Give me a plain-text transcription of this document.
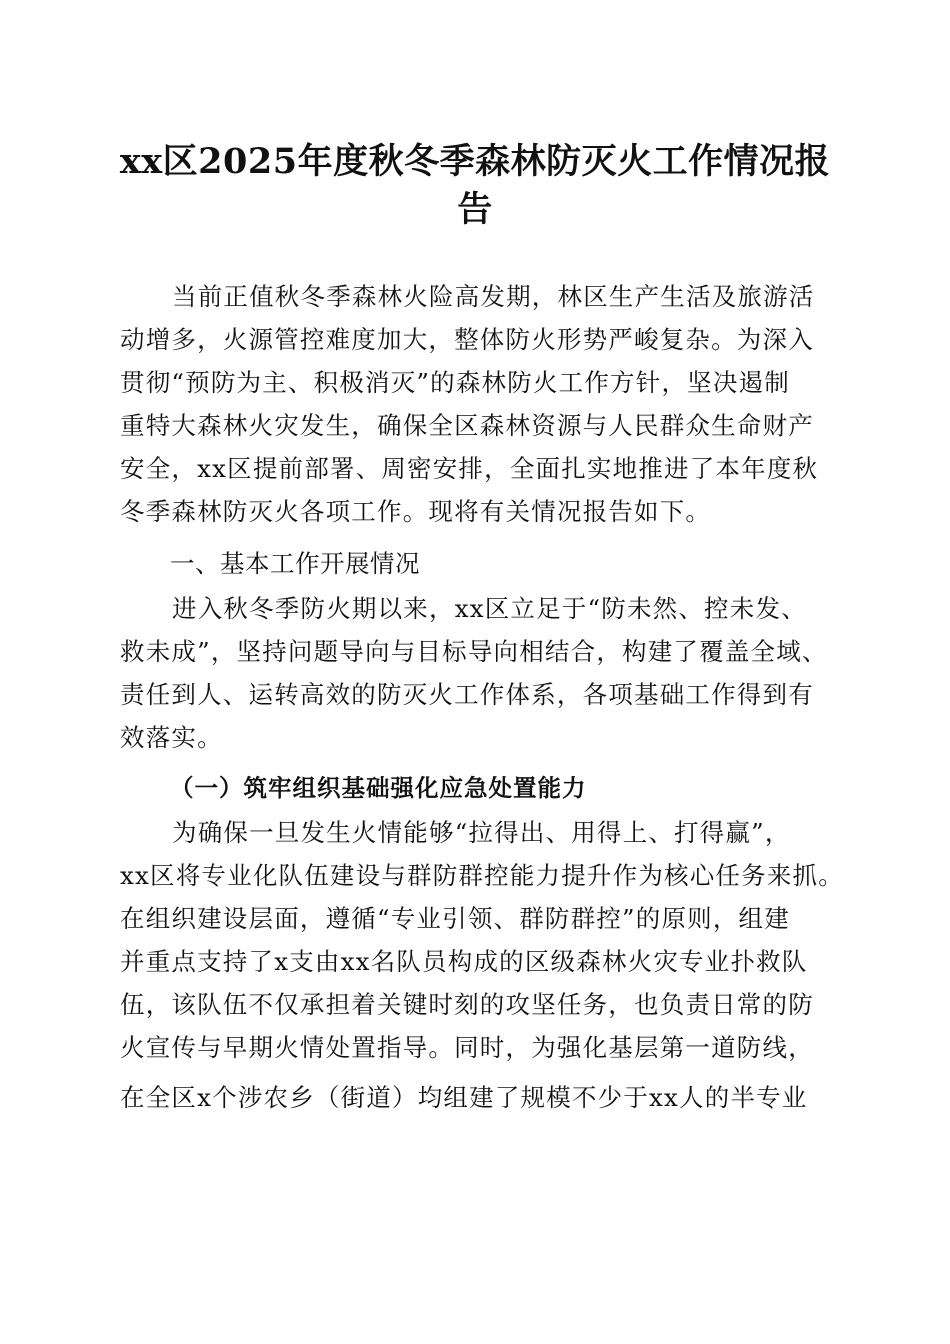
xx区2025年度秋冬季森林防灭火工作情况报告
当前正值秋冬季森林火险高发期，林区生产生活及旅游活
动增多，火源管控难度加大，整体防火形势严峻复杂。为深入
贯彻“预防为主、积极消灭”的森林防火工作方针，坚决遏制
重特大森林火灾发生，确保全区森林资源与人民群众生命财产
安全，xx区提前部署、周密安排，全面扎实地推进了本年度秋
冬季森林防灭火各项工作。现将有关情况报告如下。
一、基本工作开展情况
进入秋冬季防火期以来，xx区立足于“防未然、控未发、
救未成”，坚持问题导向与目标导向相结合，构建了覆盖全域、
责任到人、运转高效的防灭火工作体系，各项基础工作得到有
效落实。
（一）筑牢组织基础强化应急处置能力
为确保一旦发生火情能够“拉得出、用得上、打得赢”，
xx区将专业化队伍建设与群防群控能力提升作为核心任务来抓。
在组织建设层面，遵循“专业引领、群防群控”的原则，组建
并重点支持了x支由xx名队员构成的区级森林火灾专业扑救队
伍，该队伍不仅承担着关键时刻的攻坚任务，也负责日常的防
火宣传与早期火情处置指导。同时，为强化基层第一道防线，
在全区x个涉农乡（街道）均组建了规模不少于xx人的半专业
